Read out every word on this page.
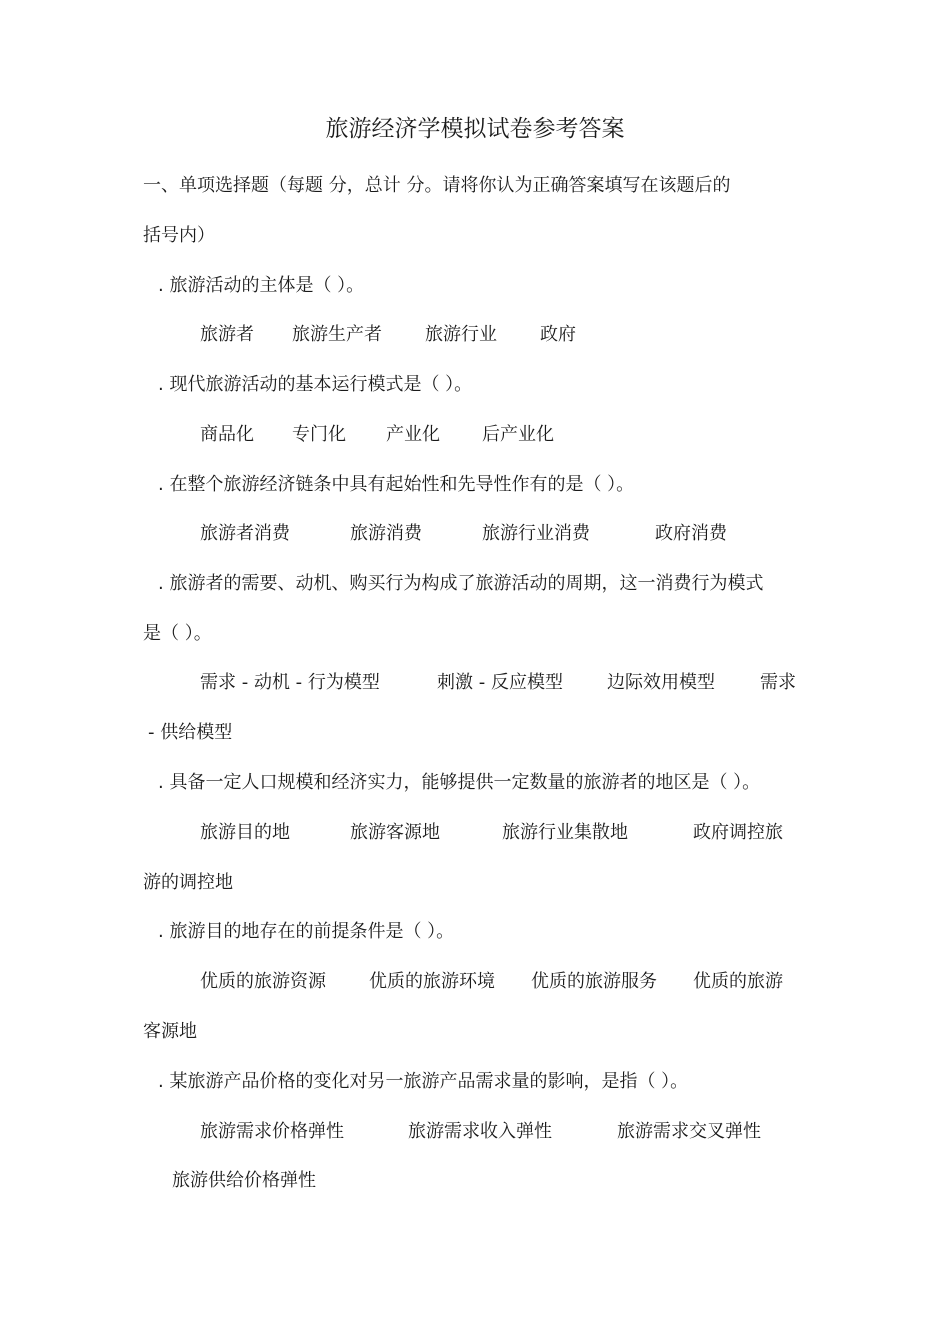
旅游经济学模拟试卷参考答案
一、单项选择题（每题 分，总计 分。请将你认为正确答案填写在该题后的
括号内）
. 旅游活动的主体是（ ）。
旅游者 旅游生产者 旅游行业 政府
. 现代旅游活动的基本运行模式是（ ）。
商品化 专门化 产业化 后产业化
. 在整个旅游经济链条中具有起始性和先导性作有的是（ ）。
旅游者消费	旅游消费	旅游行业消费	政府消费
. 旅游者的需要、动机、购买行为构成了旅游活动的周期，这一消费行为模式
是（ ）。
需求 - 动机 - 行为模型	刺激 - 反应模型 边际效用模型	需求
- 供给模型
. 具备一定人口规模和经济实力，能够提供一定数量的旅游者的地区是（ ）。
旅游目的地	旅游客源地	旅游行业集散地	政府调控旅
游的调控地
. 旅游目的地存在的前提条件是（ ）。
优质的旅游资源 优质的旅游环境 优质的旅游服务 优质的旅游
客源地
. 某旅游产品价格的变化对另一旅游产品需求量的影响，是指（ ）。
旅游需求价格弹性	旅游需求收入弹性	旅游需求交叉弹性
旅游供给价格弹性
